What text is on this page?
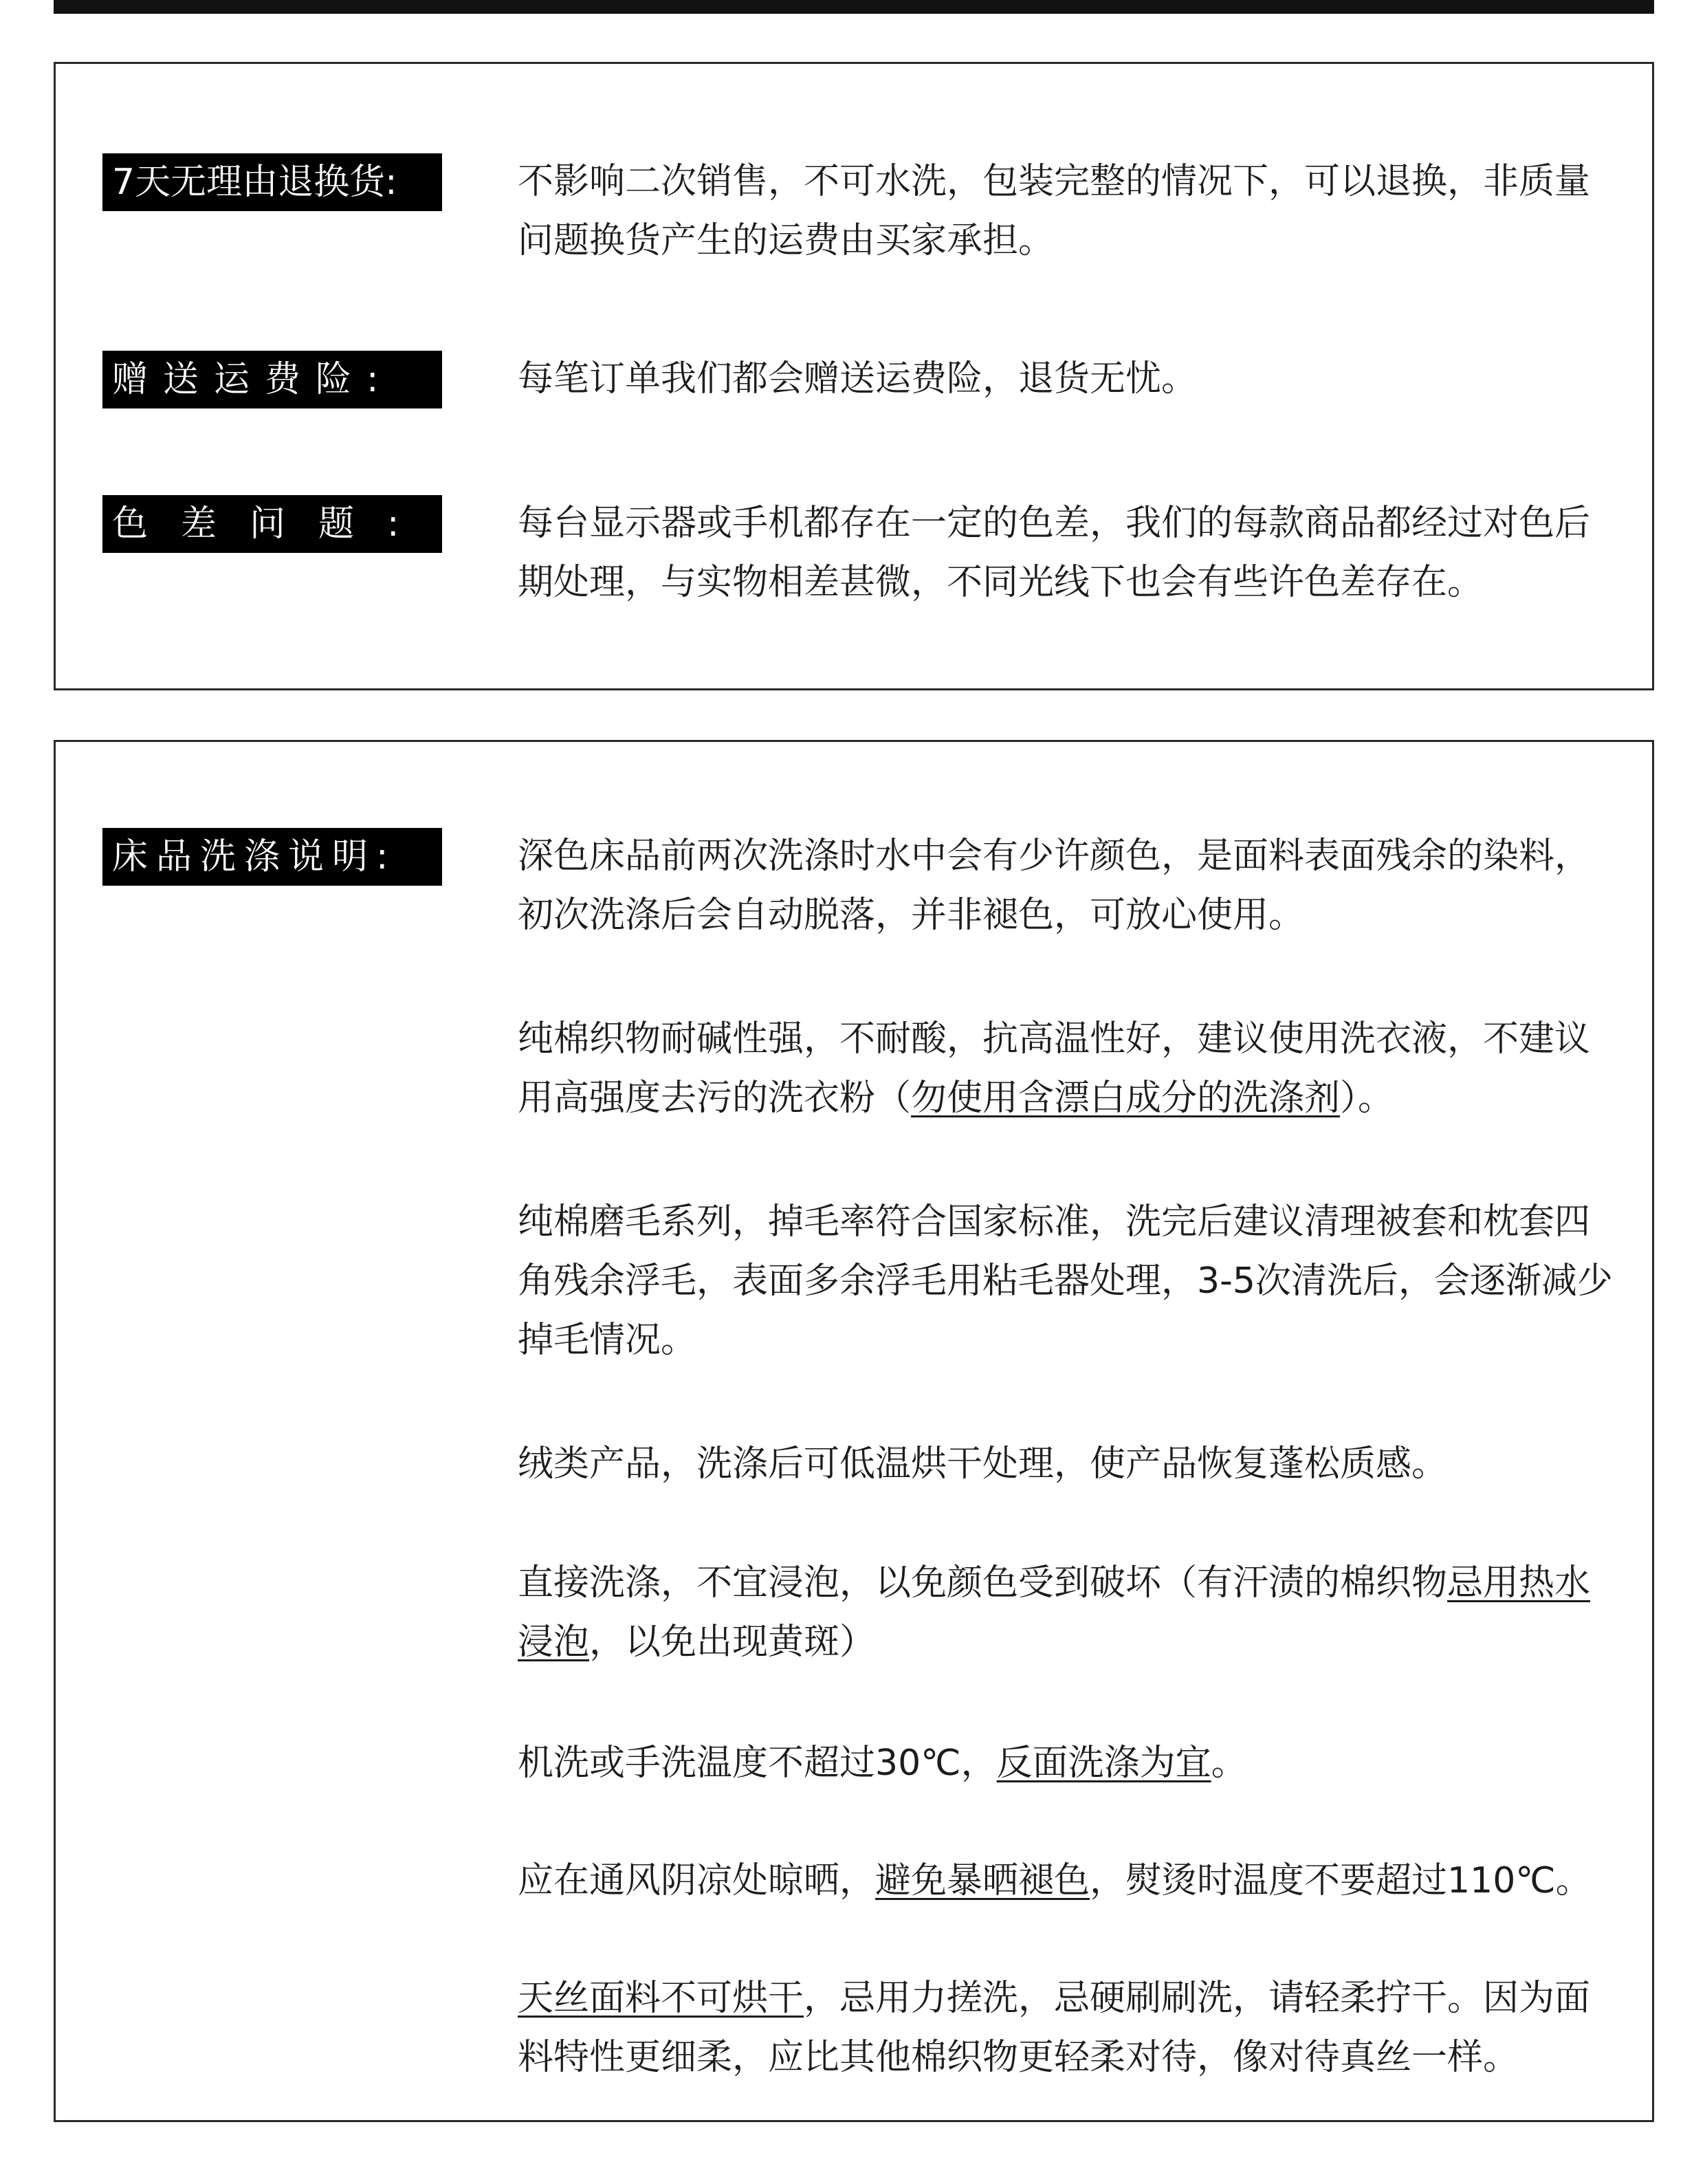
7天无理由退换货:	不影响二次销售，不可水洗，包装完整的情况下，可以退换，非质量问题换货产生的运费由买家承担。
赠送运费险:	每笔订单我们都会赠送运费险，退货无忧。
色差问题: 每台显示器或手机都存在一定的色差，我们的每款商品都经过对色后期处理，与实物相差甚微，不同光线下也会有些许色差存在。
床品洗涤说明:	深色床品前两次洗涤时水中会有少许颜色，是面料表面残余的染料，初次洗涤后会自动脱落，并非褪色，可放心使用。
纯棉织物耐碱性强，不耐酸，抗高温性好，建议使用洗衣液，不建议用高强度去污的洗衣粉（勿使用含漂白成分的洗涤剂）。
纯棉磨毛系列，掉毛率符合国家标准，洗完后建议清理被套和枕套四角残余浮毛，表面多余浮毛用粘毛器处理，3-5次清洗后，会逐渐减少掉毛情况。
绒类产品，洗涤后可低温烘干处理，使产品恢复蓬松质感。
直接洗涤，不宜浸泡，以免颜色受到破坏（有汗渍的棉织物忌用热水浸泡，以免出现黄斑）
机洗或手洗温度不超过30℃，反面洗涤为宜。
应在通风阴凉处晾晒，避免暴晒褪色，熨烫时温度不要超过110℃。
天丝面料不可烘干，忌用力搓洗，忌硬刷刷洗，请轻柔拧干。因为面料特性更细柔，应比其他棉织物更轻柔对待，像对待真丝一样。
